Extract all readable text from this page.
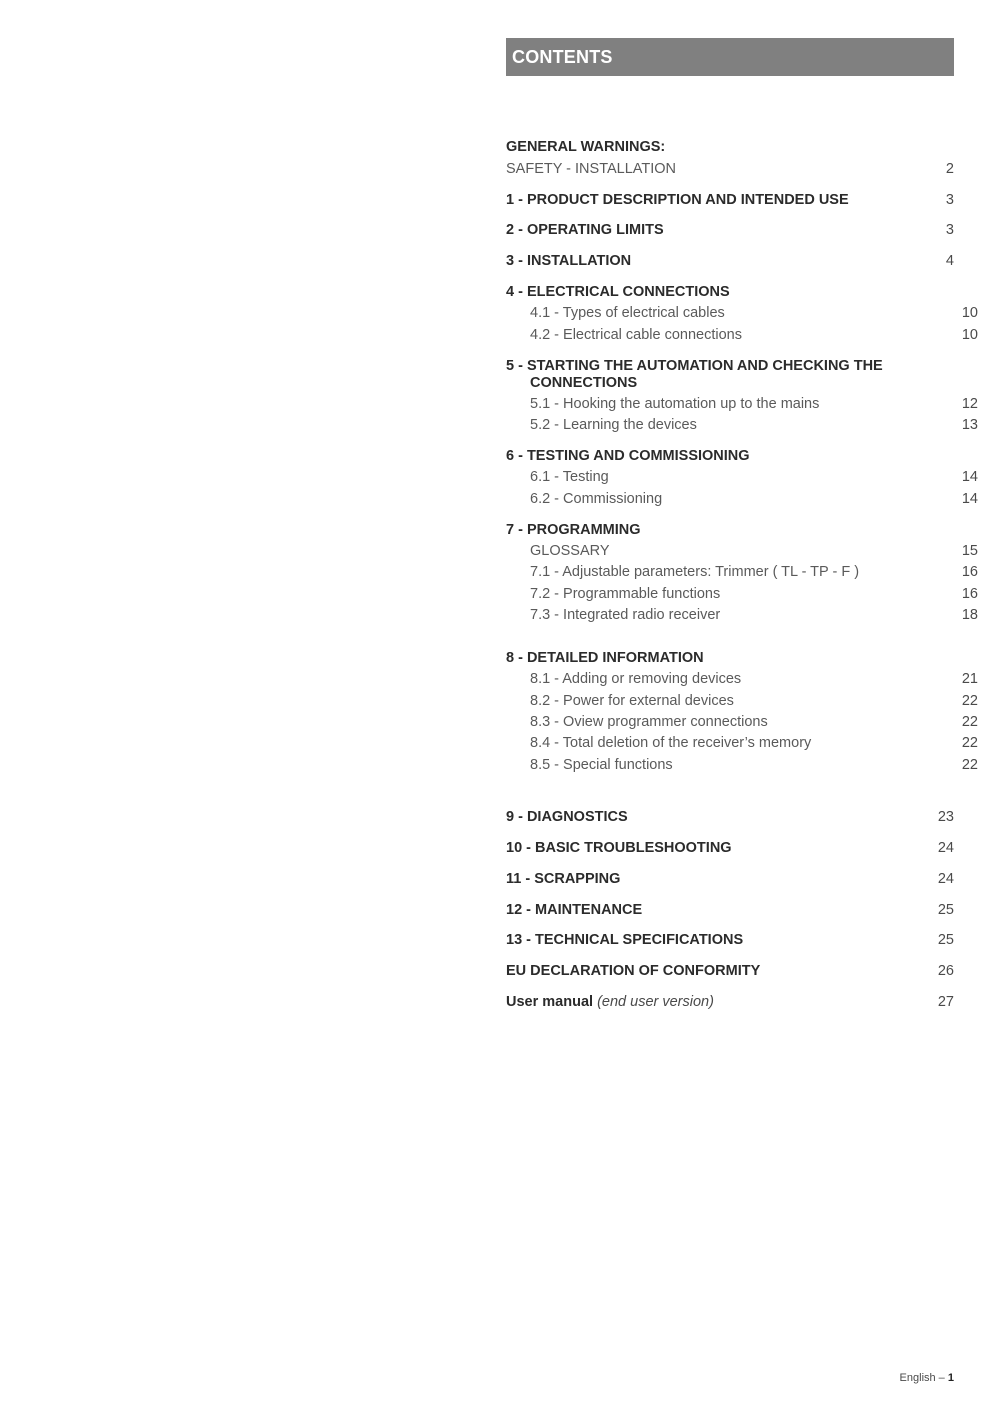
CONTENTS
GENERAL WARNINGS:
SAFETY - INSTALLATION	2
1 - PRODUCT DESCRIPTION AND INTENDED USE	3
2 - OPERATING LIMITS	3
3 - INSTALLATION	4
4 - ELECTRICAL CONNECTIONS
4.1 - Types of electrical cables	10
4.2 - Electrical cable connections	10
5 - STARTING THE AUTOMATION AND CHECKING THE CONNECTIONS
5.1 - Hooking the automation up to the mains	12
5.2 - Learning the devices	13
6 - TESTING AND COMMISSIONING
6.1 - Testing	14
6.2 - Commissioning	14
7 - PROGRAMMING
GLOSSARY	15
7.1 - Adjustable parameters: Trimmer ( TL - TP - F )	16
7.2 - Programmable functions	16
7.3 - Integrated radio receiver	18
8 - DETAILED INFORMATION
8.1 - Adding or removing devices	21
8.2 - Power for external devices	22
8.3 - Oview programmer connections	22
8.4 - Total deletion of the receiver’s memory	22
8.5 - Special functions	22
9 - DIAGNOSTICS	23
10 - BASIC TROUBLESHOOTING	24
11 - SCRAPPING	24
12 - MAINTENANCE	25
13 - TECHNICAL SPECIFICATIONS	25
EU DECLARATION OF CONFORMITY	26
User manual (end user version)	27
English – 1
